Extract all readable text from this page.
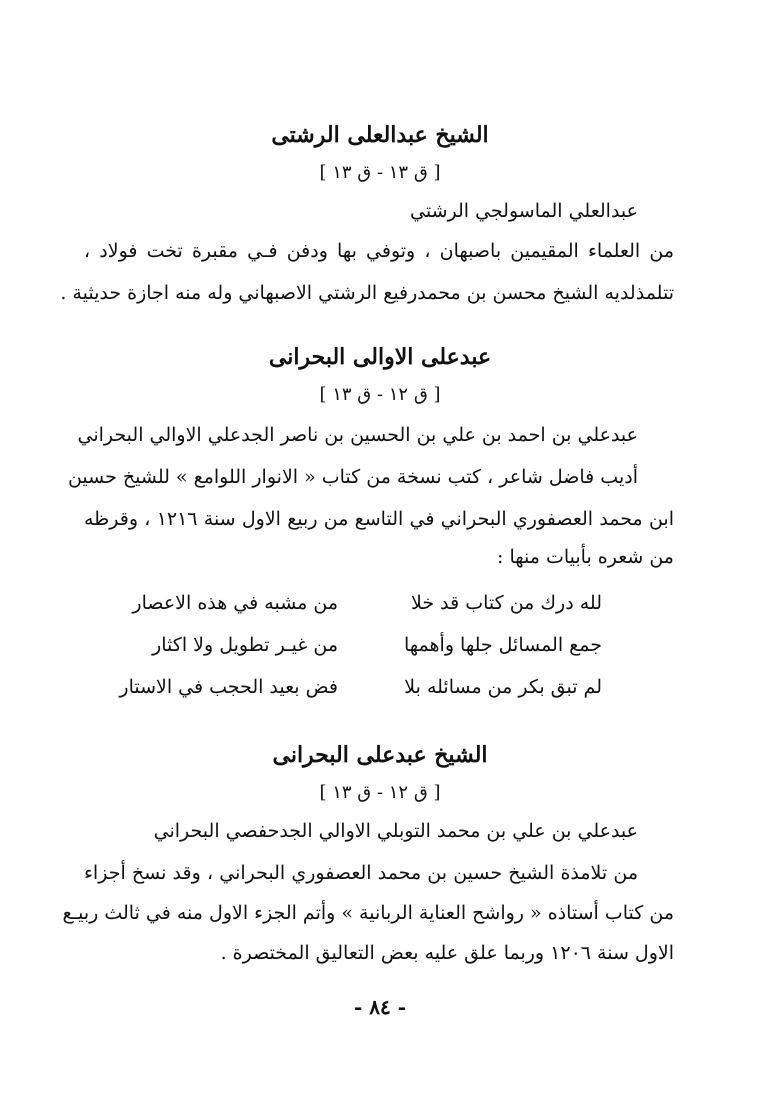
الشيخ عبدالعلى الرشتى
[ ق ١٣ - ق ١٣ ]
عبدالعلي الماسولجي الرشتي
من العلماء المقيمين باصبهان ، وتوفي بها ودفن فـي مقبرة تخت فولاد ،
تتلمذلديه الشيخ محسن بن محمدرفيع الرشتي الاصبهاني وله منه اجازة حديثية .
عبدعلى الاوالى البحرانى
[ ق ١٢ - ق ١٣ ]
عبدعلي بن احمد بن علي بن الحسين بن ناصر الجدعلي الاوالي البحراني
أديب فاضل شاعر ، كتب نسخة من كتاب « الانوار اللوامع » للشيخ حسين
ابن محمد العصفوري البحراني في التاسع من ربيع الاول سنة ١٢١٦ ، وقرظه
من شعره بأبيات منها :
لله درك من كتاب قد خلا
من مشبه في هذه الاعصار
جمع المسائل جلها وأهمها
من غيـر تطويل ولا اكثار
لم تبق بكر من مسائله بلا
فض بعيد الحجب في الاستار
الشيخ عبدعلى البحرانى
[ ق ١٢ - ق ١٣ ]
عبدعلي بن علي بن محمد التوبلي الاوالي الجدحفصي البحراني
من تلامذة الشيخ حسين بن محمد العصفوري البحراني ، وقد نسخ أجزاء
من كتاب أستاذه « رواشح العناية الربانية » وأتم الجزء الاول منه في ثالث ربيـع
الاول سنة ١٢٠٦ وربما علق عليه بعض التعاليق المختصرة .
- ٨٤ -
